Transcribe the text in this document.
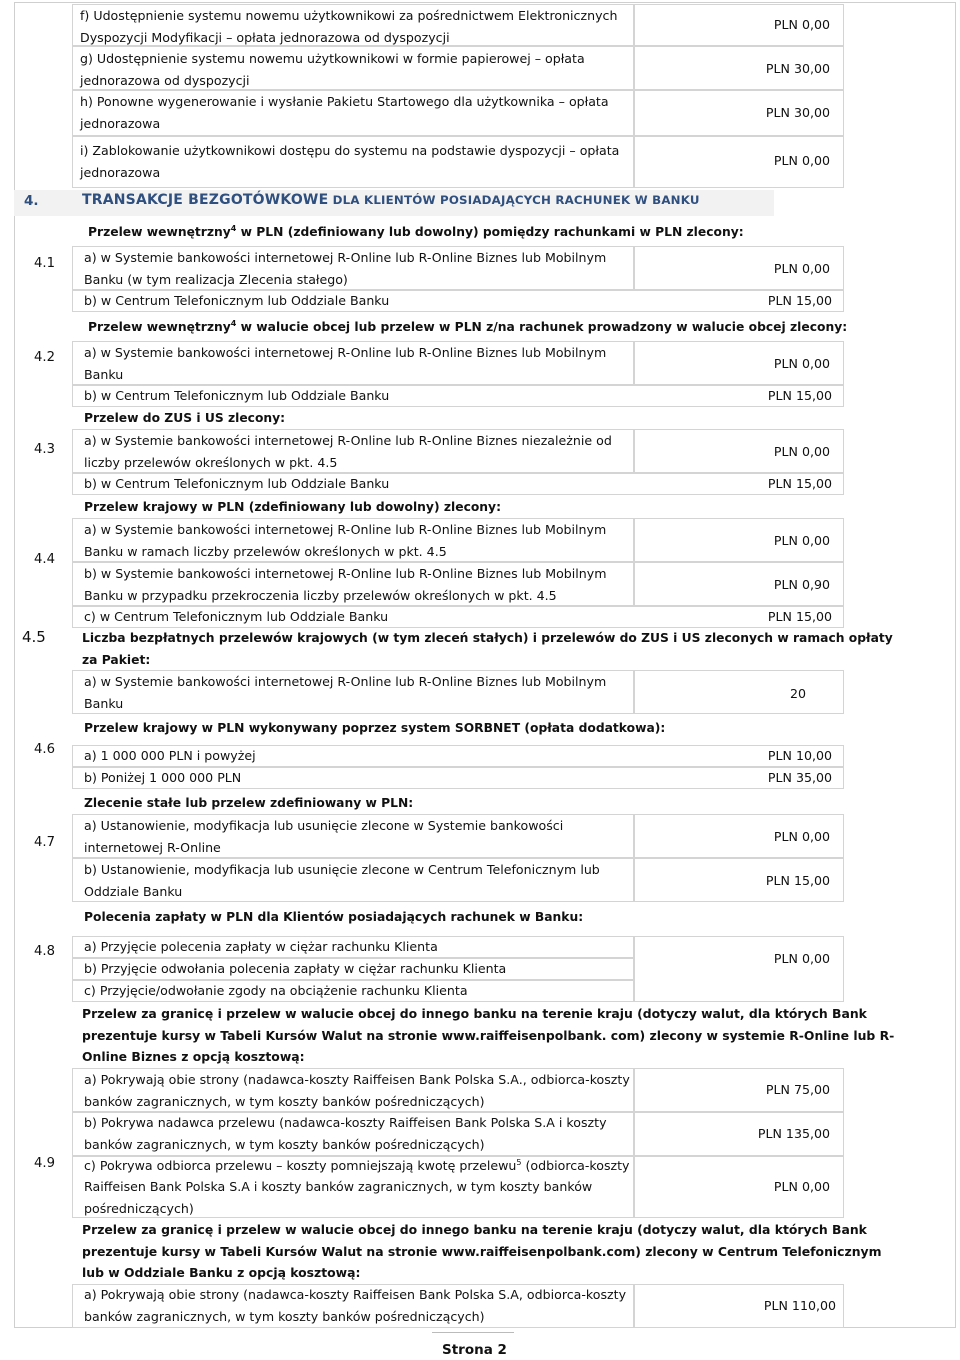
f) Udostępnienie systemu nowemu użytkownikowi za pośrednictwem Elektronicznych
Dyspozycji Modyfikacji – opłata jednorazowa od dyspozycji
PLN 0,00
g) Udostępnienie systemu nowemu użytkownikowi w formie papierowej – opłata
jednorazowa od dyspozycji
PLN 30,00
h) Ponowne wygenerowanie i wysłanie Pakietu Startowego dla użytkownika – opłata
jednorazowa
PLN 30,00
i) Zablokowanie użytkownikowi dostępu do systemu na podstawie dyspozycji – opłata
jednorazowa
PLN 0,00
4.	TRANSAKCJE BEZGOTÓWKOWE DLA KLIENTÓW POSIADAJĄCYCH RACHUNEK W BANKU
4.1
Przelew wewnętrzny$^4$ w PLN (zdefiniowany lub dowolny) pomiędzy rachunkami w PLN zlecony:
a) w Systemie bankowości internetowej R-Online lub R-Online Biznes lub Mobilnym
Banku (w tym realizacja Zlecenia stałego)
PLN 0,00
b) w Centrum Telefonicznym lub Oddziale Banku	PLN 15,00
4.2
Przelew wewnętrzny$^4$ w walucie obcej lub przelew w PLN z/na rachunek prowadzony w walucie obcej zlecony:
a) w Systemie bankowości internetowej R-Online lub R-Online Biznes lub Mobilnym
Banku
PLN 0,00
b) w Centrum Telefonicznym lub Oddziale Banku	PLN 15,00
4.3
Przelew do ZUS i US zlecony:
a) w Systemie bankowości internetowej R-Online lub R-Online Biznes niezależnie od
liczby przelewów określonych w pkt. 4.5
PLN 0,00
b) w Centrum Telefonicznym lub Oddziale Banku	PLN 15,00
4.4
Przelew krajowy w PLN (zdefiniowany lub dowolny) zlecony:
a) w Systemie bankowości internetowej R-Online lub R-Online Biznes lub Mobilnym
Banku w ramach liczby przelewów określonych w pkt. 4.5
PLN 0,00
b) w Systemie bankowości internetowej R-Online lub R-Online Biznes lub Mobilnym
Banku w przypadku przekroczenia liczby przelewów określonych w pkt. 4.5
PLN 0,90
c) w Centrum Telefonicznym lub Oddziale Banku	PLN 15,00
4.5	Liczba bezpłatnych przelewów krajowych (w tym zleceń stałych) i przelewów do ZUS i US zleconych w ramach opłaty
za Pakiet:
a) w Systemie bankowości internetowej R-Online lub R-Online Biznes lub Mobilnym
Banku
20
4.6
Przelew krajowy w PLN wykonywany poprzez system SORBNET (opłata dodatkowa):
a) 1 000 000 PLN i powyżej	PLN 10,00
b) Poniżej 1 000 000 PLN	PLN 35,00
4.7
Zlecenie stałe lub przelew zdefiniowany w PLN:
a) Ustanowienie, modyfikacja lub usunięcie zlecone w Systemie bankowości
internetowej R-Online
PLN 0,00
b) Ustanowienie, modyfikacja lub usunięcie zlecone w Centrum Telefonicznym lub
Oddziale Banku
PLN 15,00
4.8
Polecenia zapłaty w PLN dla Klientów posiadających rachunek w Banku:
a) Przyjęcie polecenia zapłaty w ciężar rachunku Klienta
b) Przyjęcie odwołania polecenia zapłaty w ciężar rachunku Klienta
c) Przyjęcie/odwołanie zgody na obciążenie rachunku Klienta
PLN 0,00
4.9
Przelew za granicę i przelew w walucie obcej do innego banku na terenie kraju (dotyczy walut, dla których Bank
prezentuje kursy w Tabeli Kursów Walut na stronie www.raiffeisenpolbank. com) zlecony w systemie R-Online lub R-
Online Biznes z opcją kosztową:
a) Pokrywają obie strony (nadawca-koszty Raiffeisen Bank Polska S.A., odbiorca-koszty
banków zagranicznych, w tym koszty banków pośredniczących)
PLN 75,00
b) Pokrywa nadawca przelewu (nadawca-koszty Raiffeisen Bank Polska S.A i koszty
banków zagranicznych, w tym koszty banków pośredniczących)
PLN 135,00
c) Pokrywa odbiorca przelewu – koszty pomniejszają kwotę przelewu$^5$ (odbiorca-koszty
Raiffeisen Bank Polska S.A i koszty banków zagranicznych, w tym koszty banków
pośredniczących)
PLN 0,00
Przelew za granicę i przelew w walucie obcej do innego banku na terenie kraju (dotyczy walut, dla których Bank
prezentuje kursy w Tabeli Kursów Walut na stronie www.raiffeisenpolbank.com) zlecony w Centrum Telefonicznym
lub w Oddziale Banku z opcją kosztową:
a) Pokrywają obie strony (nadawca-koszty Raiffeisen Bank Polska S.A, odbiorca-koszty
banków zagranicznych, w tym koszty banków pośredniczących)
PLN 110,00
Strona 2
